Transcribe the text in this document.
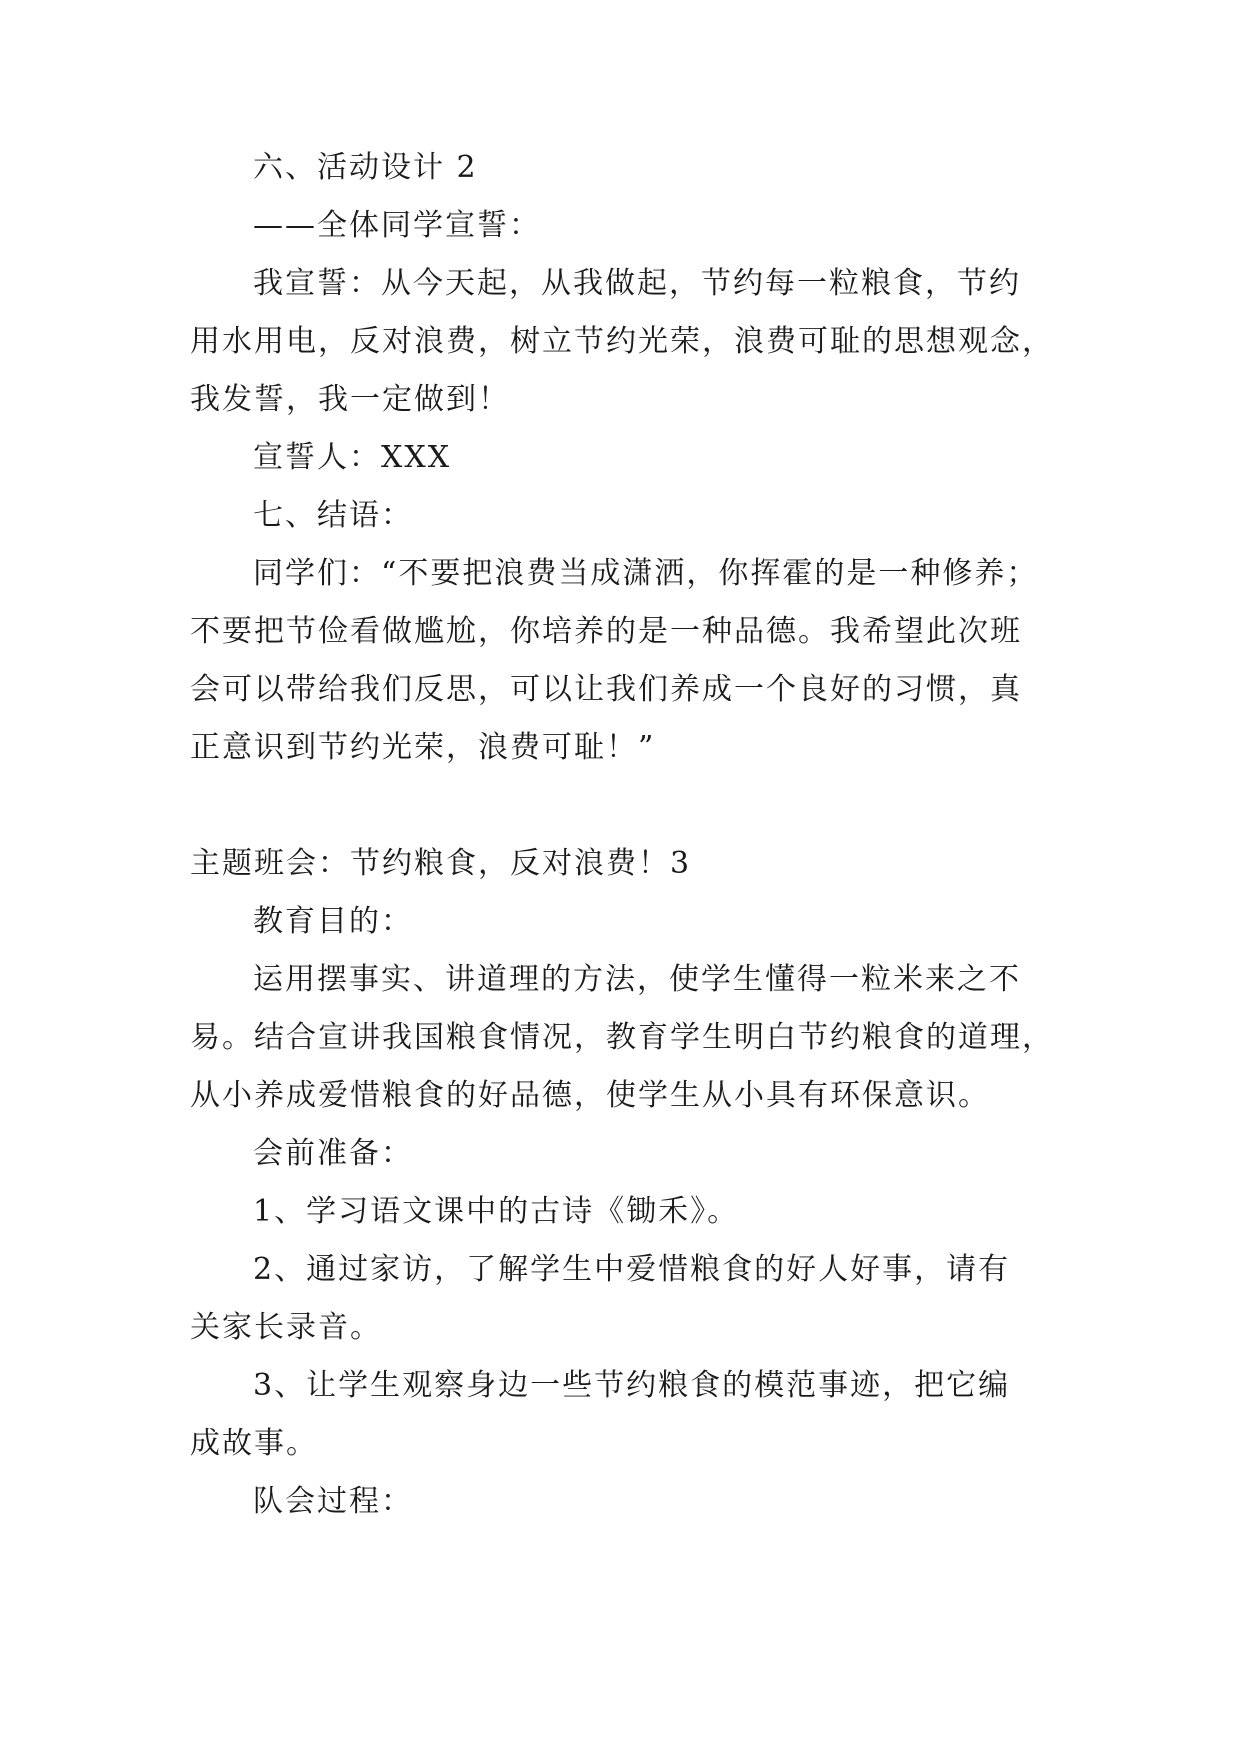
六、活动设计 2
——全体同学宣誓：
我宣誓：从今天起，从我做起，节约每一粒粮食，节约
用水用电，反对浪费，树立节约光荣，浪费可耻的思想观念，
我发誓，我一定做到！
宣誓人：XXX
七、结语：
同学们：“不要把浪费当成潇洒，你挥霍的是一种修养；
不要把节俭看做尴尬，你培养的是一种品德。我希望此次班
会可以带给我们反思，可以让我们养成一个良好的习惯，真
正意识到节约光荣，浪费可耻！”
主题班会：节约粮食，反对浪费！3
教育目的：
运用摆事实、讲道理的方法，使学生懂得一粒米来之不
易。结合宣讲我国粮食情况，教育学生明白节约粮食的道理，
从小养成爱惜粮食的好品德，使学生从小具有环保意识。
会前准备：
1、学习语文课中的古诗《锄禾》。
2、通过家访，了解学生中爱惜粮食的好人好事，请有
关家长录音。
3、让学生观察身边一些节约粮食的模范事迹，把它编
成故事。
队会过程：
